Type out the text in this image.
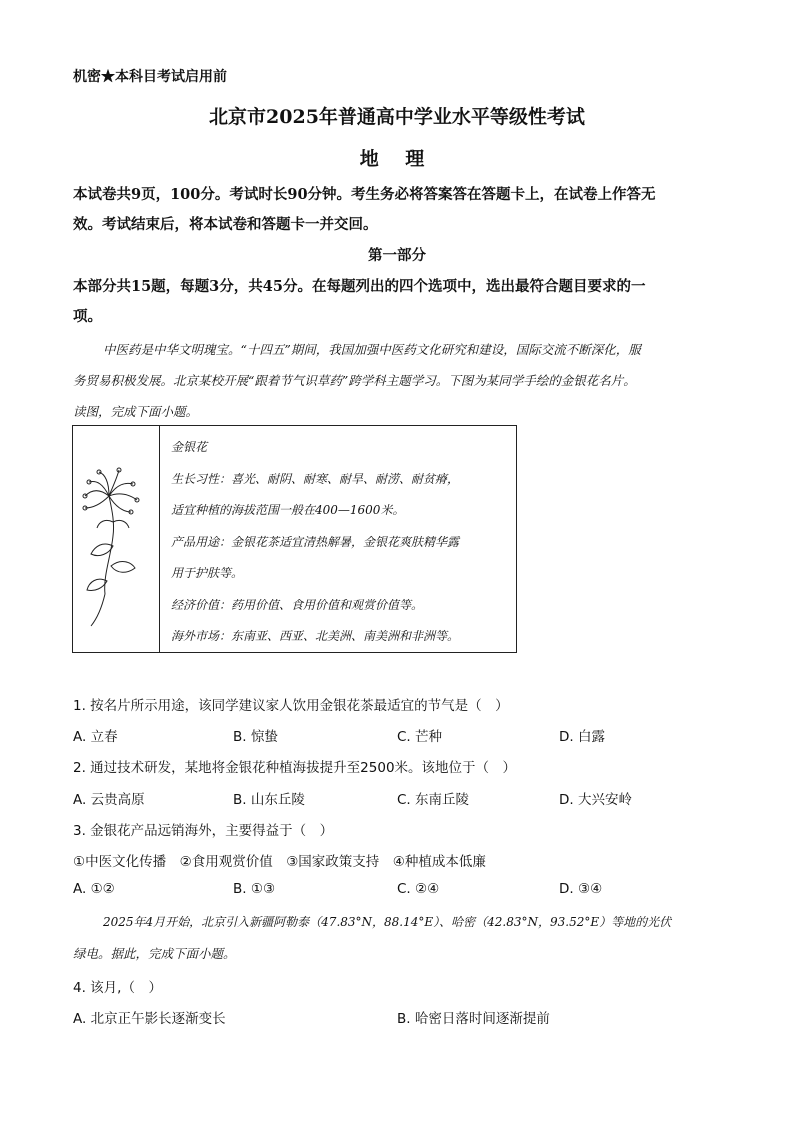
机密★本科目考试启用前
北京市2025年普通高中学业水平等级性考试
地 理
本试卷共9页，100分。考试时长90分钟。考生务必将答案答在答题卡上，在试卷上作答无
效。考试结束后，将本试卷和答题卡一并交回。
第一部分
本部分共15题，每题3分，共45分。在每题列出的四个选项中，选出最符合题目要求的一
项。
中医药是中华文明瑰宝。“十四五”期间，我国加强中医药文化研究和建设，国际交流不断深化，服
务贸易积极发展。北京某校开展“跟着节气识草药”跨学科主题学习。下图为某同学手绘的金银花名片。
读图，完成下面小题。
金银花
生长习性：喜光、耐阴、耐寒、耐旱、耐涝、耐贫瘠，
适宜种植的海拔范围一般在400—1600米。
产品用途：金银花茶适宜清热解暑，金银花爽肤精华露
用于护肤等。
经济价值：药用价值、食用价值和观赏价值等。
海外市场：东南亚、西亚、北美洲、南美洲和非洲等。
1. 按名片所示用途，该同学建议家人饮用金银花茶最适宜的节气是（　）
A. 立春	B. 惊蛰	C. 芒种	D. 白露
2. 通过技术研发，某地将金银花种植海拔提升至2500米。该地位于（　）
A. 云贵高原	B. 山东丘陵	C. 东南丘陵	D. 大兴安岭
3. 金银花产品远销海外，主要得益于（　）
①中医文化传播　②食用观赏价值　③国家政策支持　④种植成本低廉
A. ①②	B. ①③	C. ②④	D. ③④
2025年4月开始，北京引入新疆阿勒泰（47.83°N，88.14°E）、哈密（42.83°N，93.52°E）等地的光伏
绿电。据此，完成下面小题。
4. 该月,（　）
A. 北京正午影长逐渐变长	B. 哈密日落时间逐渐提前
